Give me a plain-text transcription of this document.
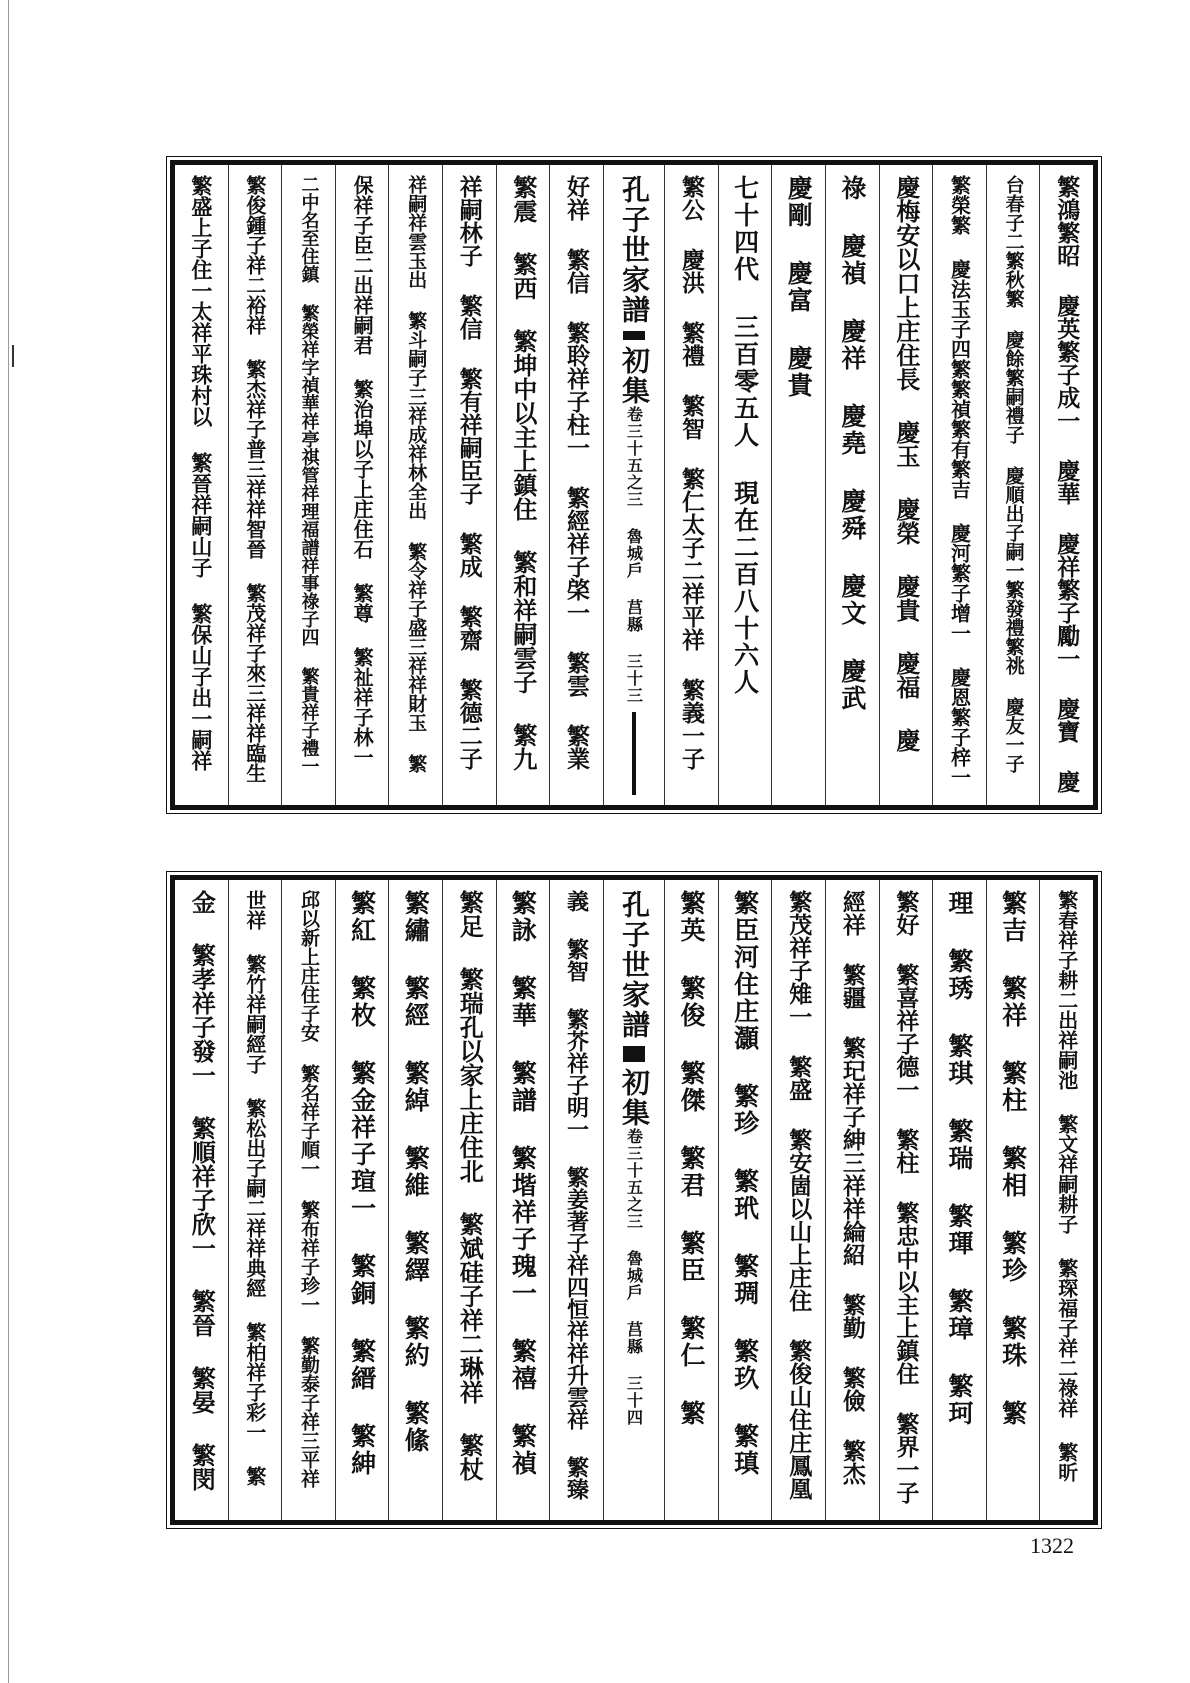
繁鴻繁昭 慶英繁子成一 慶華 慶祥繁子勵一 慶寶 慶
台春子二繁秋繁 慶餘繁嗣禮子 慶順出子嗣一繁發禮繁祧 慶友一子
繁榮繁 慶法玉子四繁繁禎繁有繁吉 慶河繁子增一 慶恩繁子梓一
慶梅安以口上庄住長 慶玉 慶榮 慶貴 慶福 慶
祿 慶禎 慶祥 慶堯 慶舜 慶文 慶武
慶剛 慶富 慶貴
七十四代 三百零五人 現在二百八十六人
繁公 慶洪 繁禮 繁智 繁仁太子二祥平祥 繁義一子
孔子世家譜
初集
卷三十五之三 魯城戶 莒縣 三十三
好祥 繁信 繁聆祥子柱一 繁經祥子棨一 繁雲 繁業
繁震 繁西 繁坤中以主上鎮住 繁和祥嗣雲子 繁九
祥嗣林子 繁信 繁有祥嗣臣子 繁成 繁齋 繁德二子
祥嗣祥雲玉出 繁斗嗣子三祥成祥林全出 繁令祥子盛三祥祥財玉 繁
保祥子臣二出祥嗣君 繁治埠以子上庄住石 繁尊 繁祉祥子林一
二中名至住鎮 繁榮祥字禎華祥亭祺管祥理福譜祥事祿子四 繁貴祥子禮一
繁俊鍾子祥二裕祥 繁杰祥子普三祥祥智晉 繁茂祥子來三祥祥臨生
繁盛上子住一太祥平珠村以 繁晉祥嗣山子 繁保山子出一嗣祥
繁春祥子耕二出祥嗣池 繁文祥嗣耕子 繁琛福子祥二祿祥 繁昕
繁吉 繁祥 繁柱 繁相 繁珍 繁珠 繁
理 繁琇 繁琪 繁瑞 繁琿 繁璋 繁珂
繁好 繁喜祥子德一 繁柱 繁忠中以主上鎮住 繁界一子
經祥 繁疆 繁玘祥子紳三祥祥綸紹 繁勤 繁儉 繁杰
繁茂祥子雉一 繁盛 繁安崮以山上庄住 繁俊山住庄鳳凰
繁臣河住庄灝 繁珍 繁玳 繁琱 繁玖 繁瑱
繁英 繁俊 繁傑 繁君 繁臣 繁仁 繁
孔子世家譜
初集
卷三十五之三 魯城戶 莒縣 三十四
義 繁智 繁芥祥子明一 繁姜著子祥四恒祥祥升雲祥 繁臻
繁詠 繁華 繁譜 繁堦祥子瑰一 繁禧 繁禎
繁足 繁瑞孔以家上庄住北 繁斌硅子祥二琳祥 繁杖
繁繡 繁經 繁綽 繁維 繁繹 繁約 繁絛
繁紅 繁枚 繁金祥子瑄一 繁銅 繁縉 繁紳
邱以新上庄住子安 繁名祥子順一 繁布祥子珍一 繁勤泰子祥三平祥
世祥 繁竹祥嗣經子 繁松出子嗣二祥祥典經 繁柏祥子彩一 繁
金 繁孝祥子發一 繁順祥子欣一 繁晉 繁晏 繁閔
1322
